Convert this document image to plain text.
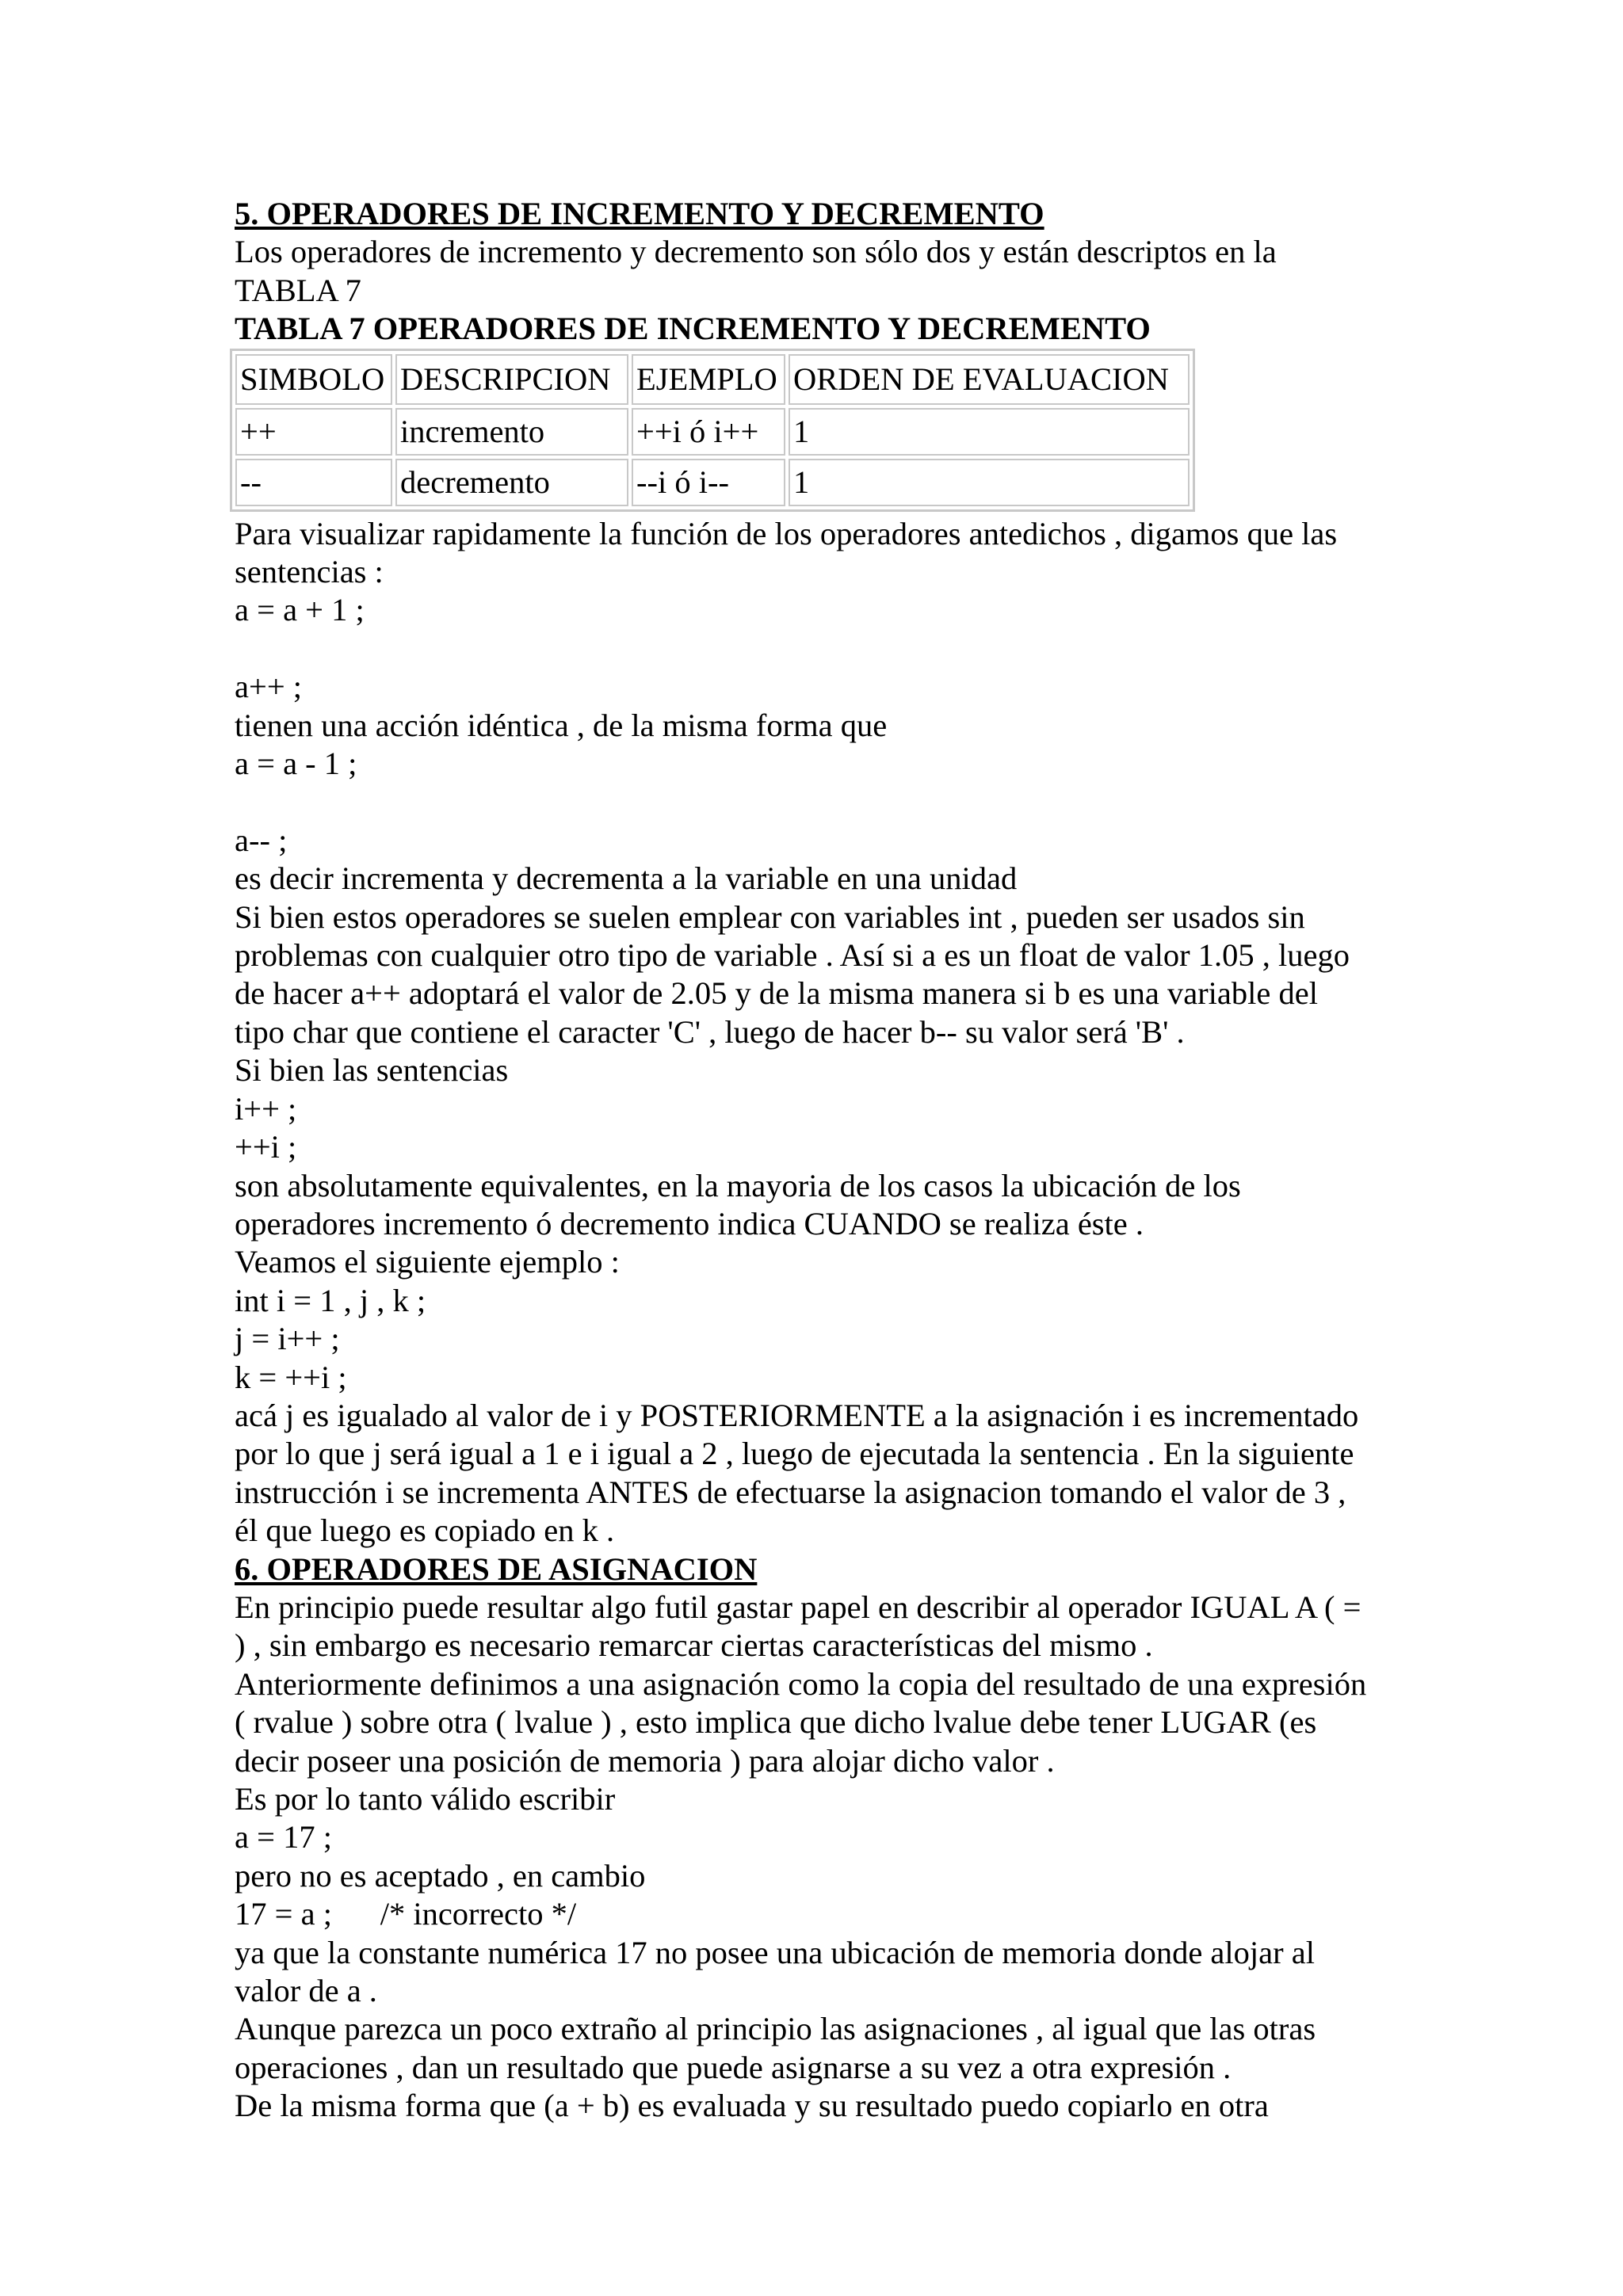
5. OPERADORES DE INCREMENTO Y DECREMENTO
Los operadores de incremento y decremento son sólo dos y están descriptos en la
TABLA 7
TABLA 7 OPERADORES DE INCREMENTO Y DECREMENTO
SIMBOLO	DESCRIPCION	EJEMPLO	ORDEN DE EVALUACION
++	incremento	++i ó i++	1
--	decremento	--i ó i--	1
Para visualizar rapidamente la función de los operadores antedichos , digamos que las
sentencias :
a = a + 1 ;
a++ ;
tienen una acción idéntica , de la misma forma que
a = a - 1 ;
a-- ;
es decir incrementa y decrementa a la variable en una unidad
Si bien estos operadores se suelen emplear con variables int , pueden ser usados sin
problemas con cualquier otro tipo de variable . Así si a es un float de valor 1.05 , luego
de hacer a++ adoptará el valor de 2.05 y de la misma manera si b es una variable del
tipo char que contiene el caracter 'C' , luego de hacer b-- su valor será 'B' .
Si bien las sentencias
i++ ;
++i ;
son absolutamente equivalentes, en la mayoria de los casos la ubicación de los
operadores incremento ó decremento indica CUANDO se realiza éste .
Veamos el siguiente ejemplo :
int i = 1 , j , k ;
j = i++ ;
k = ++i ;
acá j es igualado al valor de i y POSTERIORMENTE a la asignación i es incrementado
por lo que j será igual a 1 e i igual a 2 , luego de ejecutada la sentencia . En la siguiente
instrucción i se incrementa ANTES de efectuarse la asignacion tomando el valor de 3 ,
él que luego es copiado en k .
6. OPERADORES DE ASIGNACION
En principio puede resultar algo futil gastar papel en describir al operador IGUAL A ( =
) , sin embargo es necesario remarcar ciertas características del mismo .
Anteriormente definimos a una asignación como la copia del resultado de una expresión
( rvalue ) sobre otra ( lvalue ) , esto implica que dicho lvalue debe tener LUGAR (es
decir poseer una posición de memoria ) para alojar dicho valor .
Es por lo tanto válido escribir
a = 17 ;
pero no es aceptado , en cambio
17 = a ;      /* incorrecto */
ya que la constante numérica 17 no posee una ubicación de memoria donde alojar al
valor de a .
Aunque parezca un poco extraño al principio las asignaciones , al igual que las otras
operaciones , dan un resultado que puede asignarse a su vez a otra expresión .
De la misma forma que (a + b) es evaluada y su resultado puedo copiarlo en otra
